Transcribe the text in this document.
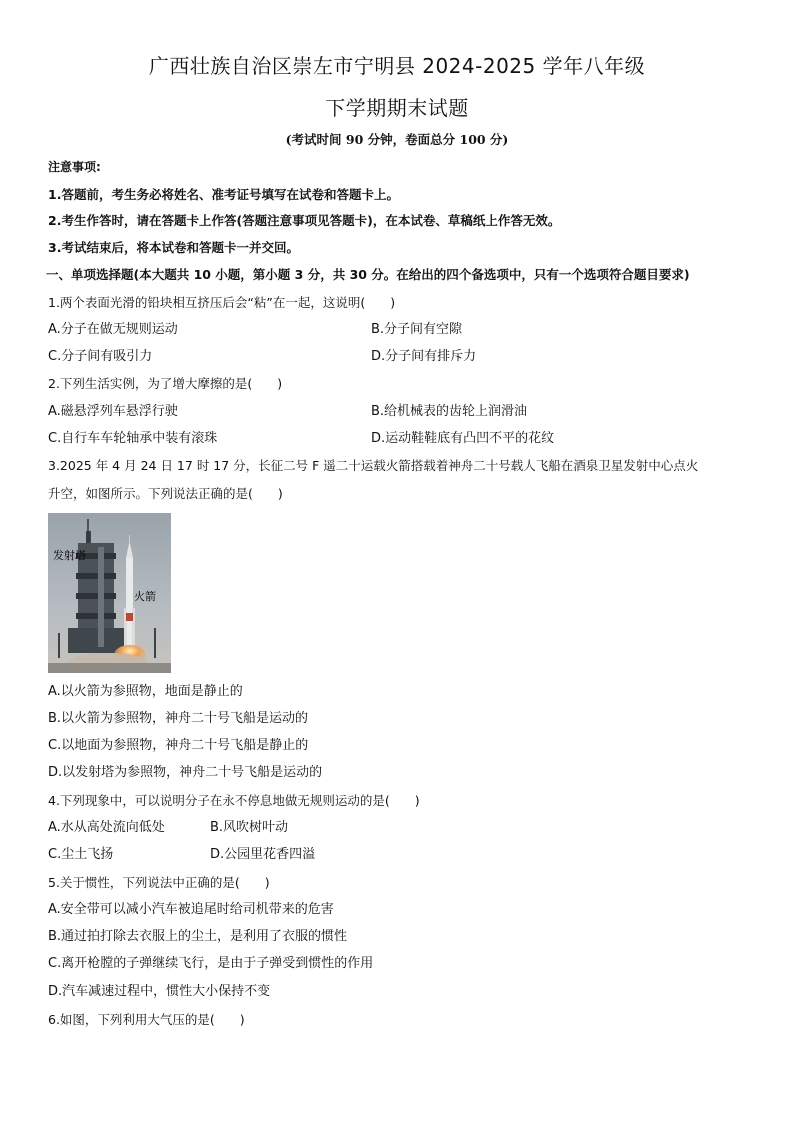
广西壮族自治区崇左市宁明县 2024-2025 学年八年级
下学期期末试题
(考试时间 90 分钟，卷面总分 100 分)
注意事项:
1.答题前，考生务必将姓名、准考证号填写在试卷和答题卡上。
2.考生作答时，请在答题卡上作答(答题注意事项见答题卡)，在本试卷、草稿纸上作答无效。
3.考试结束后，将本试卷和答题卡一并交回。
一、单项选择题(本大题共 10 小题，第小题 3 分，共 30 分。在给出的四个备选项中，只有一个选项符合题目要求)
1.两个表面光滑的铅块相互挤压后会“粘”在一起，这说明(　　)
A.分子在做无规则运动	B.分子间有空隙
C.分子间有吸引力	D.分子间有排斥力
2.下列生活实例，为了增大摩擦的是(　　)
A.磁悬浮列车悬浮行驶	B.给机械表的齿轮上润滑油
C.自行车车轮轴承中装有滚珠	D.运动鞋鞋底有凸凹不平的花纹
3.2025 年 4 月 24 日 17 时 17 分，长征二号 F 遥二十运载火箭搭载着神舟二十号载人飞船在酒泉卫星发射中心点火
升空，如图所示。下列说法正确的是(　　)
发射塔
火箭
A.以火箭为参照物，地面是静止的
B.以火箭为参照物，神舟二十号飞船是运动的
C.以地面为参照物，神舟二十号飞船是静止的
D.以发射塔为参照物，神舟二十号飞船是运动的
4.下列现象中，可以说明分子在永不停息地做无规则运动的是(　　)
A.水从高处流向低处	B.风吹树叶动
C.尘土飞扬	D.公园里花香四溢
5.关于惯性，下列说法中正确的是(　　)
A.安全带可以减小汽车被追尾时给司机带来的危害
B.通过拍打除去衣服上的尘土，是利用了衣服的惯性
C.离开枪膛的子弹继续飞行，是由于子弹受到惯性的作用
D.汽车减速过程中，惯性大小保持不变
6.如图，下列利用大气压的是(　　)
